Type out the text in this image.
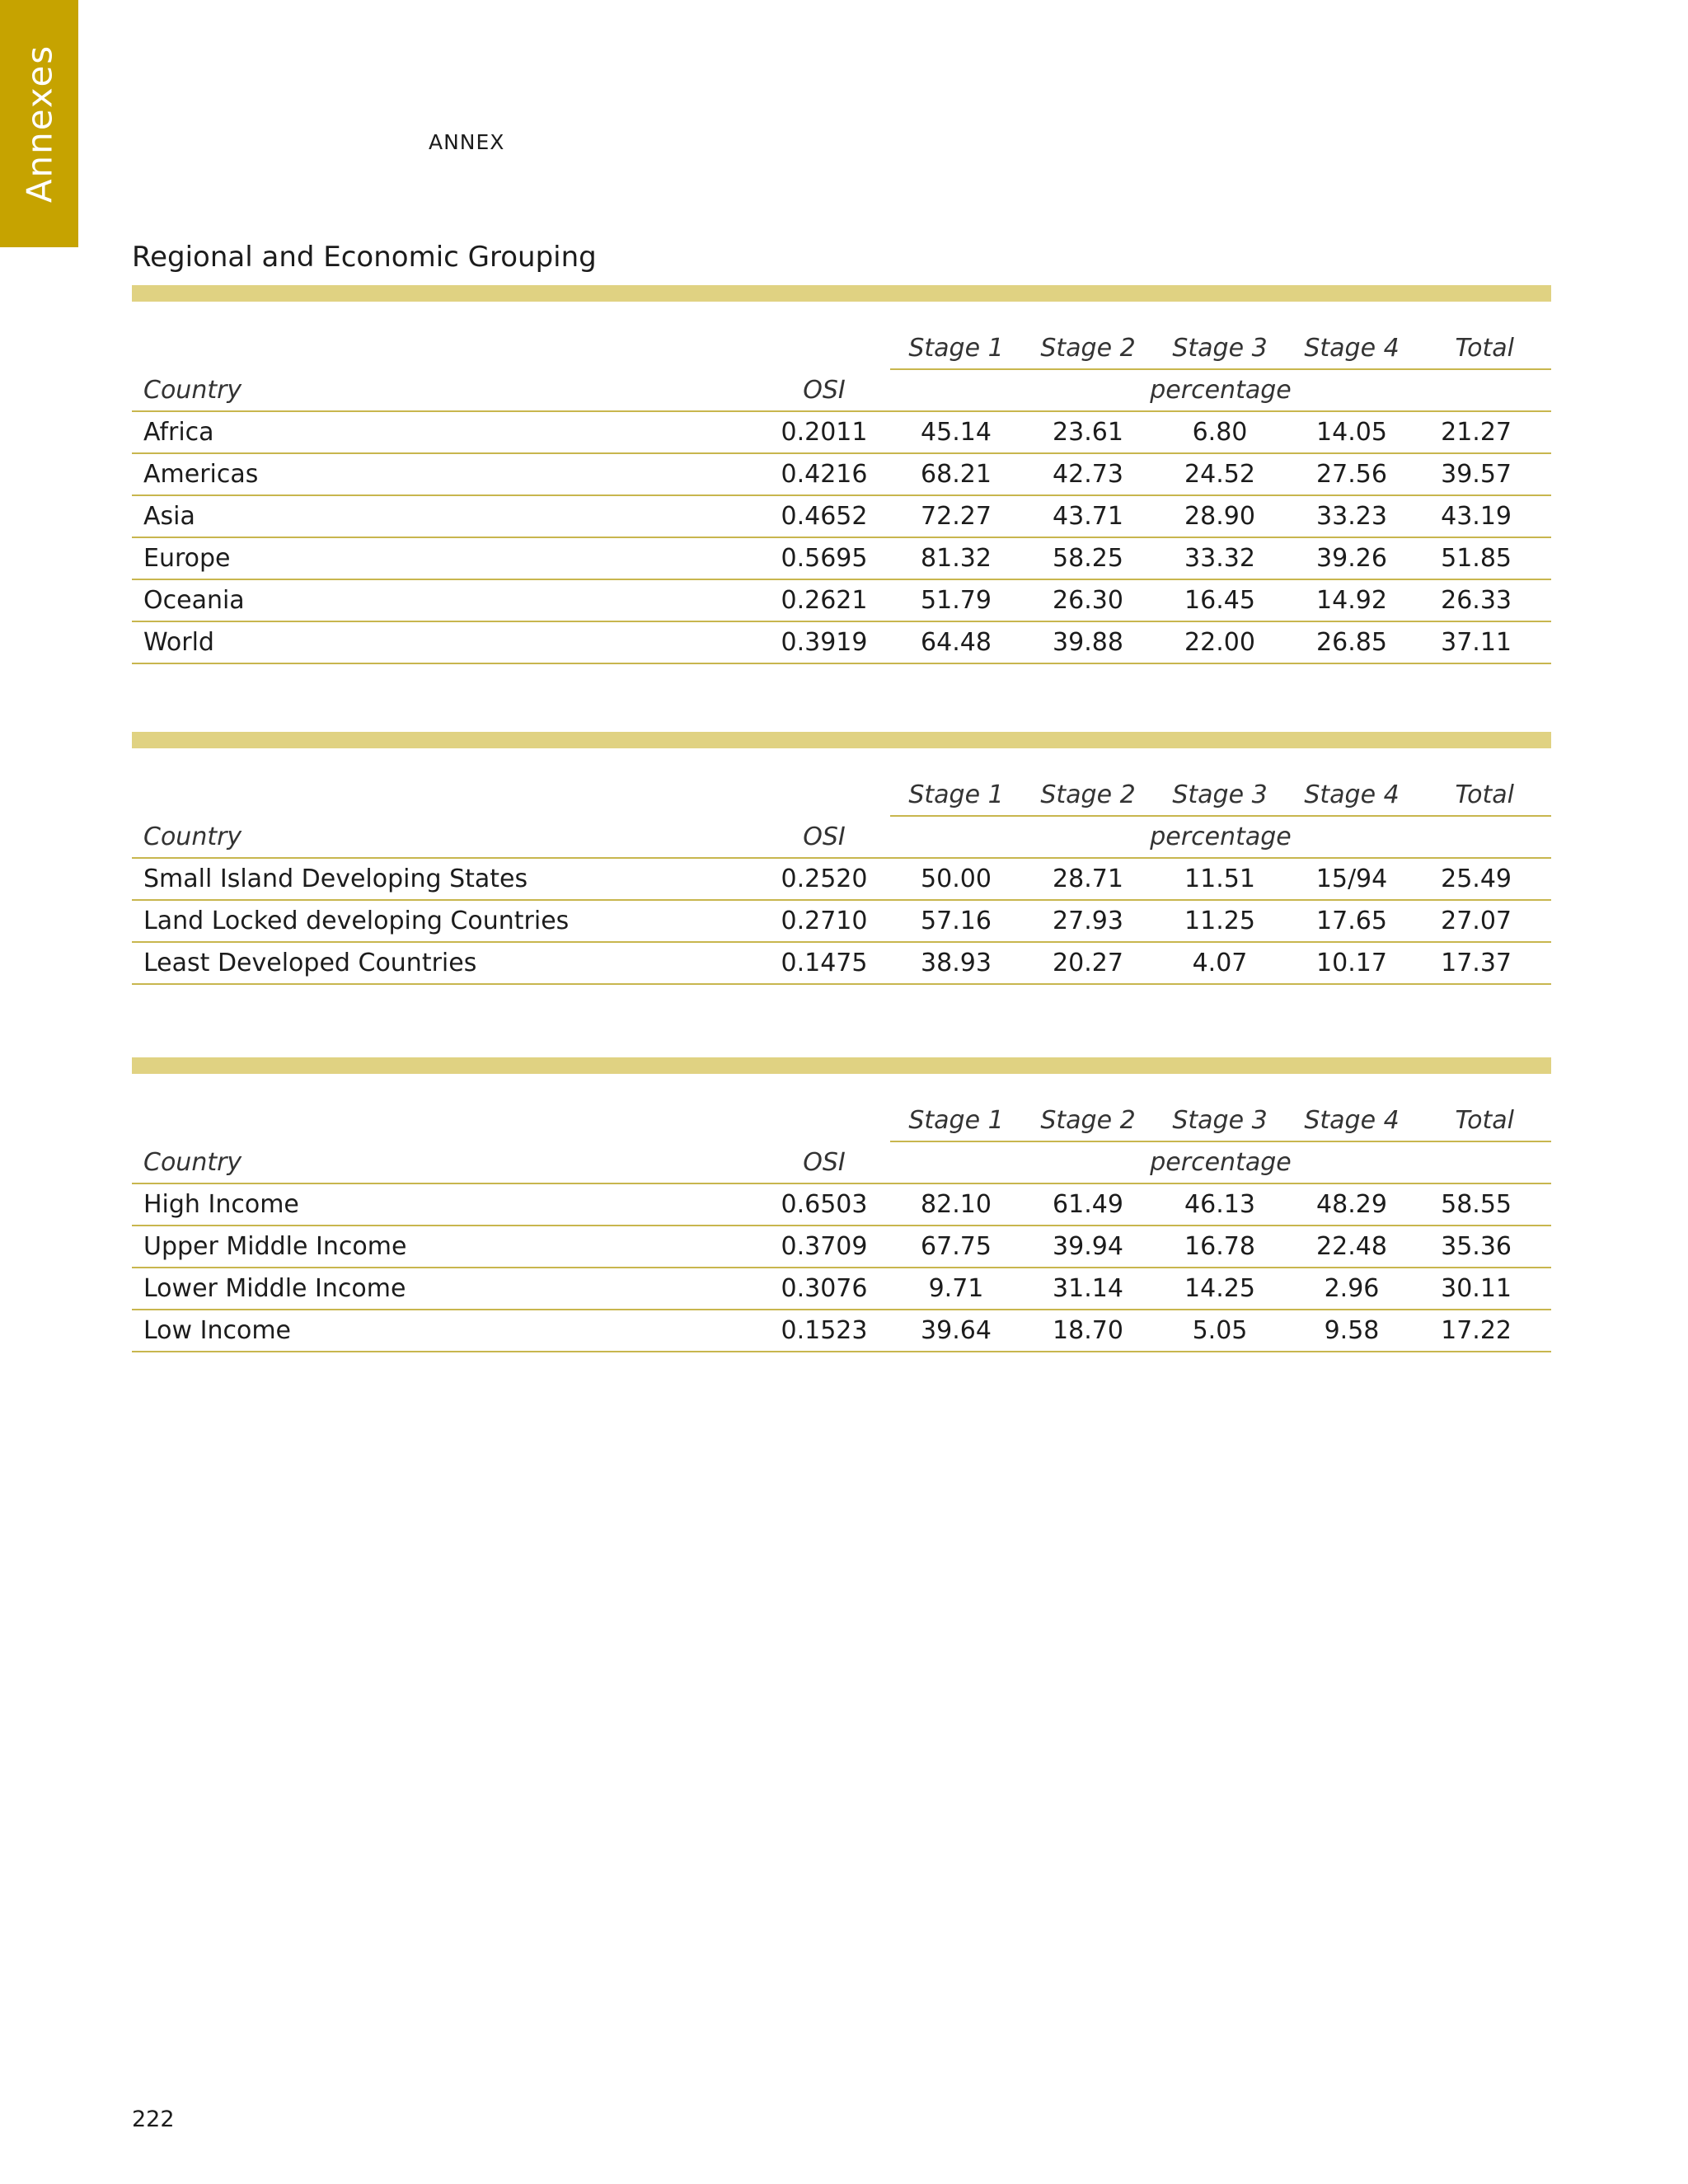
Annexes	ANNEX
Regional and Economic Grouping
		Stage 1	Stage 2	Stage 3	Stage 4	Total
Country	OSI	percentage				
Africa	0.2011	45.14	23.61	6.80	14.05	21.27
Americas	0.4216	68.21	42.73	24.52	27.56	39.57
Asia	0.4652	72.27	43.71	28.90	33.23	43.19
Europe	0.5695	81.32	58.25	33.32	39.26	51.85
Oceania	0.2621	51.79	26.30	16.45	14.92	26.33
World	0.3919	64.48	39.88	22.00	26.85	37.11
		Stage 1	Stage 2	Stage 3	Stage 4	Total
Country	OSI	percentage				
Small Island Developing States	0.2520	50.00	28.71	11.51	15/94	25.49
Land Locked developing Countries	0.2710	57.16	27.93	11.25	17.65	27.07
Least Developed Countries	0.1475	38.93	20.27	4.07	10.17	17.37
		Stage 1	Stage 2	Stage 3	Stage 4	Total
Country	OSI	percentage				
High Income	0.6503	82.10	61.49	46.13	48.29	58.55
Upper Middle Income	0.3709	67.75	39.94	16.78	22.48	35.36
Lower Middle Income	0.3076	9.71	31.14	14.25	2.96	30.11
Low Income	0.1523	39.64	18.70	5.05	9.58	17.22
222
